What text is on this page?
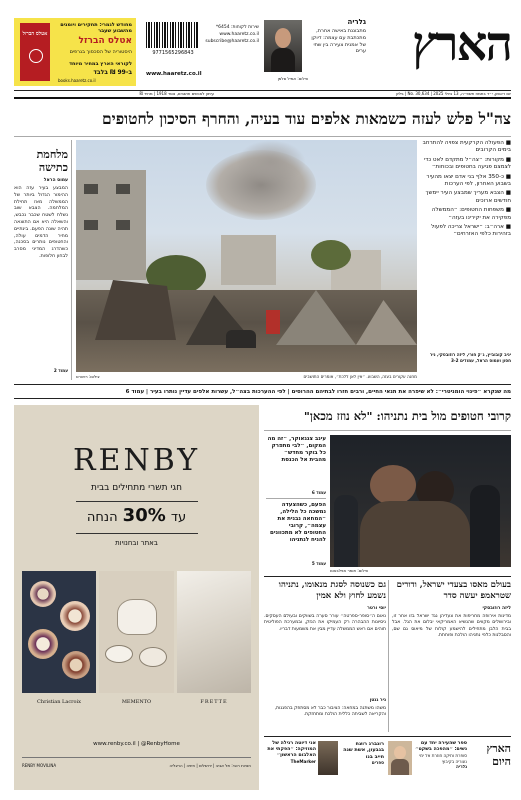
הארץ
גלריה
מתבוננת באישה אחרת, מתכתבת עם עצמה: דיוקן של אמנית צעירה בין שתי ערים
צילום: אמיל סלמן
9771565296843
שירות לקוחות: ‎*6454
www.haaretz.co.il
subscribe@haaretz.co.il
www.haaretz.co.il
אטלס הברזל
מחודש לגמרי: תחקירים ויומנים מהשבוע שעבר
אטלס הברזל
היסטוריה של הסכסוך בגרפים
לקוראי הארץ במחיר מיוחד
ב-99 ₪ בלבד
books.haaretz.co.il
יום ראשון, י״ד בתמוז תשפ״ה, 13 ביולי 2025 | No. 30,634 | גיליון
עיתון לאנשים חושבים, נוסד 1918 | מחיר ₪
צה"ל פלש לעזה כשמאות אלפים עוד בעיה, והחרף הסיכון לחטופים
■ הפעולה הקרקעית צפויה להתרחב בימים הקרובים
■ מקורות: ״צה״ל מתקדם לאט כדי לצמצם פגיעה בחטופים ובכוחות״
■ כ-350 אלף בני אדם יצאו מהעיר בשבוע האחרון, לפי הערכות
■ הצבא מעריך שמבצע העיר יימשך חודשים ארוכים
■ משפחות החטופים: ״הממשלה מפקירה את יקירינו בעזה״
■ ארה״ב: ״ישראל צריכה לפעול בזהירות כלפי האזרחים״
יניב קובוביץ, ג׳ק חורי, ליזה רוזובסקי, ניר חסון ועמוס הראל, עמודים 3-2
מחנה עקורים בעזה, השבוע. ״אין לאן ללכת״, אומרים התושבים
צילום: רויטרס
מלחמת כתישה
עמוס הראל
המבצע בעיר עזה הוא ההימור הגדול ביותר של הממשלה מאז תחילת המלחמה. הצבא שוב נשלח לשטח שכבר נכבש, והשאלה היא אם התוצאה תהיה שונה הפעם. בינתיים מחיר הדמים עולה, והחטופים נותרים בסכנה, כשהדרג המדיני מסרב לבחון חלופות.
עמוד 2
מה שנקרא ״פינוי הומניטרי״: לא שיפרה את תנאי החיים, ורבים חזרו לבתיהם ההרוסים | לפי ההערכות בצה״ל, עשרות אלפים עדיין נותרו בעיר | עמוד 6
RENBY
חגי תשרי מתחילים בבית
עד 30% הנחה
באתר ובחנויות
Christian Lacroix	MEMENTO	FRETTE
www.renby.co.il | @RenbyHome
RENBY MOVILINA	חנויות רנבי: תל אביב | ירושלים | חיפה | הרצליה
קרובי חטופים מול בית נתניהו: "לא נוזז מכאן"
צילום: תומר אפלבאום
עינב צנגאוקר, ״זה מה המקום, ״לבי מתפרק כל בוקר מחדש״ מהבית אל הכנסת
עמוד 6
הפעם, כשהצעדה נמשכה כל הלילה, ״המחאה נבנית את עצמה״, קרובי החטופים לא מתכוונים להניח לנתניהו
עמוד 5
בעולם מאסו בצעדי ישראל, ודורים שטראמפ יעשה סדר
ליזה רוזובסקי
מדינות אירופה מחריפות את צעדיהן נגד ישראל בזו אחר זו, ובירושלים מקווים שהנשיא האמריקאי יבלום את הגל. אבל בבית הלבן מתחילים להישמע קולות של מיאוס גם שם, והסבלנות כלפי נתניהו הולכת ופוחתת.
גם כשנוסה לסגת מנאומו, נתניהו נשמע לחוץ ולא אמין
יוסי ורטר
נאום ה״סופר-ספרטה״ עורר סערה בשווקים ובעולם העסקים. ניסיונות ההבהרה רק העמיקו את הנזק, ובמערכת הפוליטית תוהים אם ראש הממשלה עדיין מבין את משמעות דבריו.
ניר גנטן
משהו משתנה במחאה: הציבור כבר לא מסתפק בהפגנות, והקריאה לשביתה כללית הולכת ומתחזקת.
הארץ היום
ספר שהעירה יחד עם נשים: ״מהפכה בשקט״
סופרת ותיקה חוזרת אל ימי נעוריה בקיבוץ
גלריה
רונברג רוצח בגבעון, אשת שנה חייב בנו
ספרים
אני דיוטה רגילה של המוזיקה: ״הפקתי את האלבום הראשון״
TheMarker
